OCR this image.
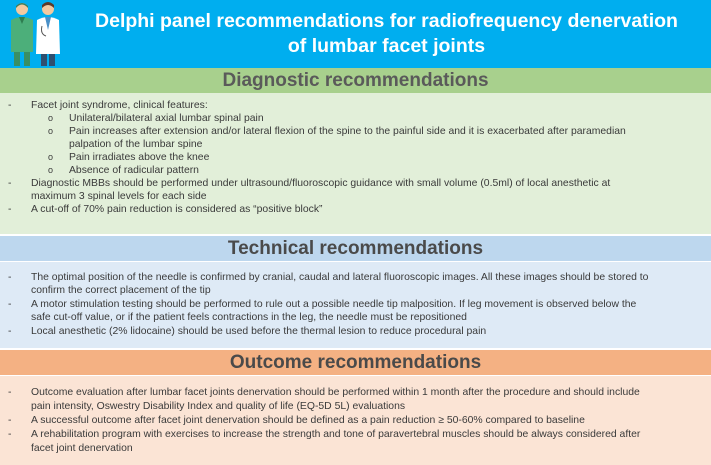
Delphi panel recommendations for radiofrequency denervation
of lumbar facet joints
Diagnostic recommendations
- Facet joint syndrome, clinical features:
o Unilateral/bilateral axial lumbar spinal pain
o Pain increases after extension and/or lateral flexion of the spine to the painful side and it is exacerbated after paramedian
palpation of the lumbar spine
o Pain irradiates above the knee
o Absence of radicular pattern
- Diagnostic MBBs should be performed under ultrasound/fluoroscopic guidance with small volume (0.5ml) of local anesthetic at
maximum 3 spinal levels for each side
- A cut-off of 70% pain reduction is considered as “positive block”
Technical recommendations
- The optimal position of the needle is confirmed by cranial, caudal and lateral fluoroscopic images. All these images should be stored to
confirm the correct placement of the tip
- A motor stimulation testing should be performed to rule out a possible needle tip malposition. If leg movement is observed below the
safe cut-off value, or if the patient feels contractions in the leg, the needle must be repositioned
- Local anesthetic (2% lidocaine) should be used before the thermal lesion to reduce procedural pain
Outcome recommendations
- Outcome evaluation after lumbar facet joints denervation should be performed within 1 month after the procedure and should include
pain intensity, Oswestry Disability Index and quality of life (EQ-5D 5L) evaluations
- A successful outcome after facet joint denervation should be defined as a pain reduction ≥ 50-60% compared to baseline
- A rehabilitation program with exercises to increase the strength and tone of paravertebral muscles should be always considered after
facet joint denervation
